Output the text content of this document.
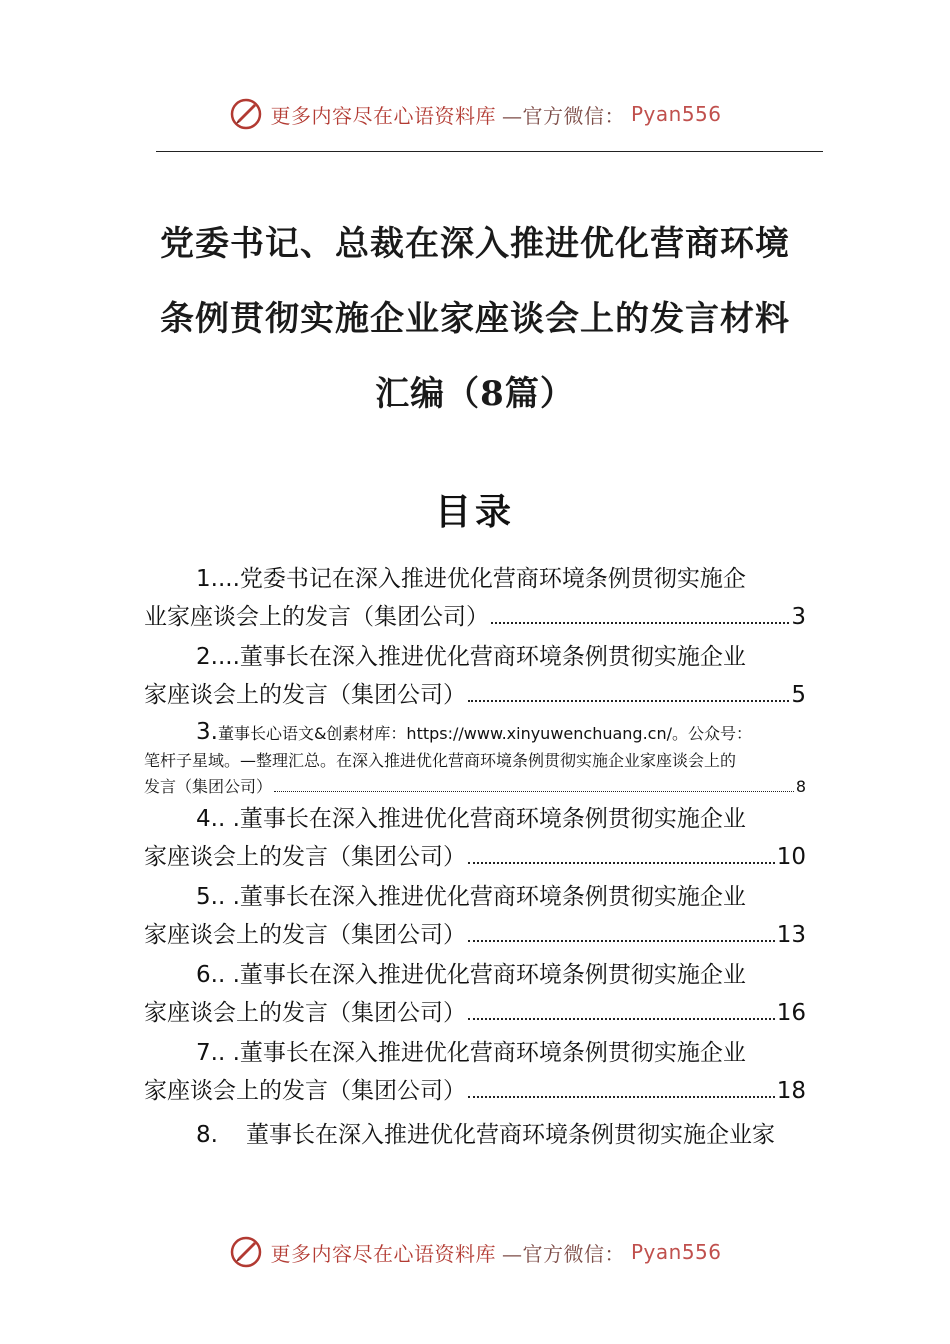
更多内容尽在心语资料库 —官方微信： Pyan556
党委书记、总裁在深入推进优化营商环境
条例贯彻实施企业家座谈会上的发言材料
汇编（8篇）
目录
1....党委书记在深入推进优化营商环境条例贯彻实施企
业家座谈会上的发言（集团公司）	3
2....董事长在深入推进优化营商环境条例贯彻实施企业
家座谈会上的发言（集团公司）	5
3.董事长心语文&创素材库：https://www.xinyuwenchuang.cn/。公众号：
笔杆子星域。—整理汇总。在深入推进优化营商环境条例贯彻实施企业家座谈会上的
发言（集团公司）	8
4.. .董事长在深入推进优化营商环境条例贯彻实施企业
家座谈会上的发言（集团公司）	10
5.. .董事长在深入推进优化营商环境条例贯彻实施企业
家座谈会上的发言（集团公司）	13
6.. .董事长在深入推进优化营商环境条例贯彻实施企业
家座谈会上的发言（集团公司）	16
7.. .董事长在深入推进优化营商环境条例贯彻实施企业
家座谈会上的发言（集团公司）	18
8. 董事长在深入推进优化营商环境条例贯彻实施企业家
更多内容尽在心语资料库 —官方微信： Pyan556
